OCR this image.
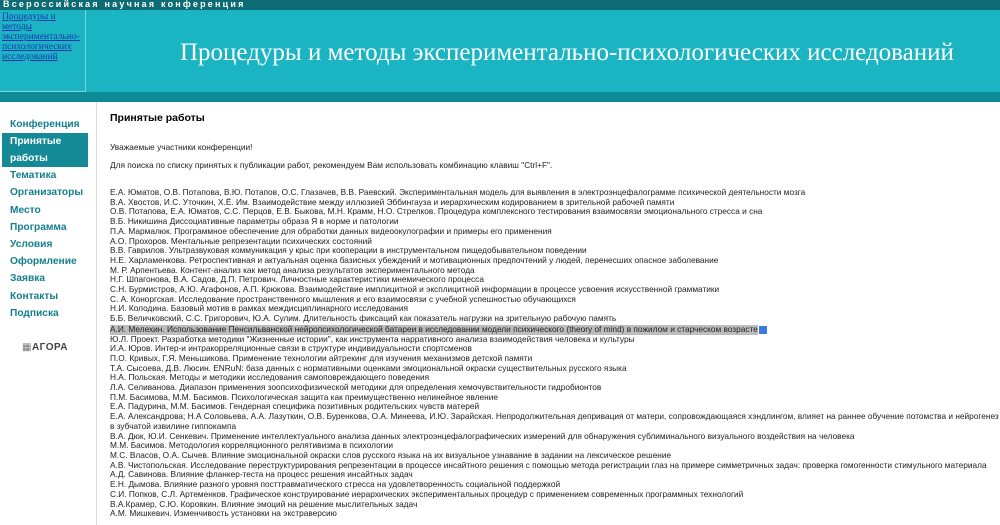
Всероссийская научная конференция
Процедуры и методы экспериментально-психологических исследований	Процедуры и методы экспериментально-психологических исследований
Конференция
Принятые работы
Тематика
Организаторы
Место
Программа
Условия
Оформление
Заявка
Контакты
Подписка
▦АГОРА
Принятые работы
Уважаемые участники конференции!
Для поиска по списку принятых к публикации работ, рекомендуем Вам использовать комбинацию клавиш "Ctrl+F".
Е.А. Юматов, О.В. Потапова, В.Ю. Потапов, О.С. Глазачев, В.В. Раевский. Экспериментальная модель для выявления в электроэнцефалограмме психической деятельности мозга
В.А. Хвостов, И.С. Уточкин, Х.Ё. Им. Взаимодействие между иллюзией Эббингауза и иерархическим кодированием в зрительной рабочей памяти
О.В. Потапова, Е.А. Юматов, С.С. Перцов, Е.В. Быкова, М.Н. Крамм, Н.О. Стрелков. Процедура комплексного тестирования взаимосвязи эмоционального стресса и сна
В.Б. Никишина Диссоциативные параметры образа Я в норме и патологии
П.А. Мармалюк. Программное обеспечение для обработки данных видеоокулографии и примеры его применения
А.О. Прохоров. Ментальные репрезентации психических состояний
В.В. Гаврилов. Ультразвуковая коммуникация у крыс при кооперации в инструментальном пищедобывательном поведении
Н.Е. Харламенкова. Ретроспективная и актуальная оценка базисных убеждений и мотивационных предпочтений у людей, перенесших опасное заболевание
М. Р. Арпентьева. Контент-анализ как метод анализа результатов экспериментального метода
Н.Г. Шпагонова, В.А. Садов, Д.П. Петрович. Личностные характеристики мнемического процесса
С.Н. Бурмистров, А.Ю. Агафонов, А.П. Крюкова. Взаимодействие имплицитной и эксплицитной информации в процессе усвоения искусственной грамматики
С. А. Коноргская. Исследование пространственного мышления и его взаимосвязи с учебной успешностью обучающихся
Н.И. Колодина. Базовый мотив в рамках междисциплинарного исследования
Б.Б. Величковский, С.С. Григорович, Ю.А. Сулим. Длительность фиксаций как показатель нагрузки на зрительную рабочую память
А.И. Мелехин. Использование Пенсильванской нейропсихологической батареи в исследовании модели психического (theory of mind) в пожилом и старческом возрасте
Ю.Л. Проект. Разработка методики "Жизненные истории", как инструмента нарративного анализа взаимодействия человека и культуры
И.А. Юров. Интер-и интракорреляционные связи в структуре индивидуальности спортсменов
П.О. Кривых, Г.Я. Меньшикова. Применение технологии айтрекинг для изучения механизмов детской памяти
Т.А. Сысоева, Д.В. Люсин. ENRuN: база данных с нормативными оценками эмоциональной окраски существительных русского языка
Н.А. Польская. Методы и методики исследования самоповреждающего поведения
Л.А. Селиванова. Диапазон применения зоопсихофизической методики для определения хемочувствительности гидробионтов
П.М. Басимова, М.М. Басимов. Психологическая защита как преимущественно нелинейное явление
Е.А. Падурина, М.М. Басимов. Гендерная специфика позитивных родительских чувств матерей
Е.А. Александрова; Н.А Соловьева, А.А. Лазуткин, О.В. Буренкова, О.А. Минеева, И.Ю. Зарайская. Непродолжительная депривация от матери, сопровождающаяся хэндлингом, влияет на раннее обучение потомства и нейрогенез в зубчатой извилине гиппокампа
В.А. Дюк, Ю.И. Сенкевич. Применение интеллектуального анализа данных электроэнцефалографических измерений для обнаружения сублиминального визуального воздействия на человека
М.М. Басимов. Методология корреляционного релятивизма в психологии
М.С. Власов, О.А. Сычев. Влияние эмоциональной окраски слов русского языка на их визуальное узнавание в задании на лексическое решение
А.В. Чистопольская. Исследование переструктурирования репрезентации в процессе инсайтного решения с помощью метода регистрации глаз на примере симметричных задач: проверка гомогенности стимульного материала
А.Д. Савинова. Влияние фланкер-теста на процесс решения инсайтных задач
Е.Н. Дымова. Влияние разного уровня посттравматического стресса на удовлетворенность социальной поддержкой
С.И. Попков, С.Л. Артеменков. Графическое конструирование иерархических экспериментальных процедур с применением современных программных технологий
В.А.Крамер, С.Ю. Коровкин. Влияние эмоций на решение мыслительных задач
А.М. Мишкевич. Изменчивость установки на экстраверсию
